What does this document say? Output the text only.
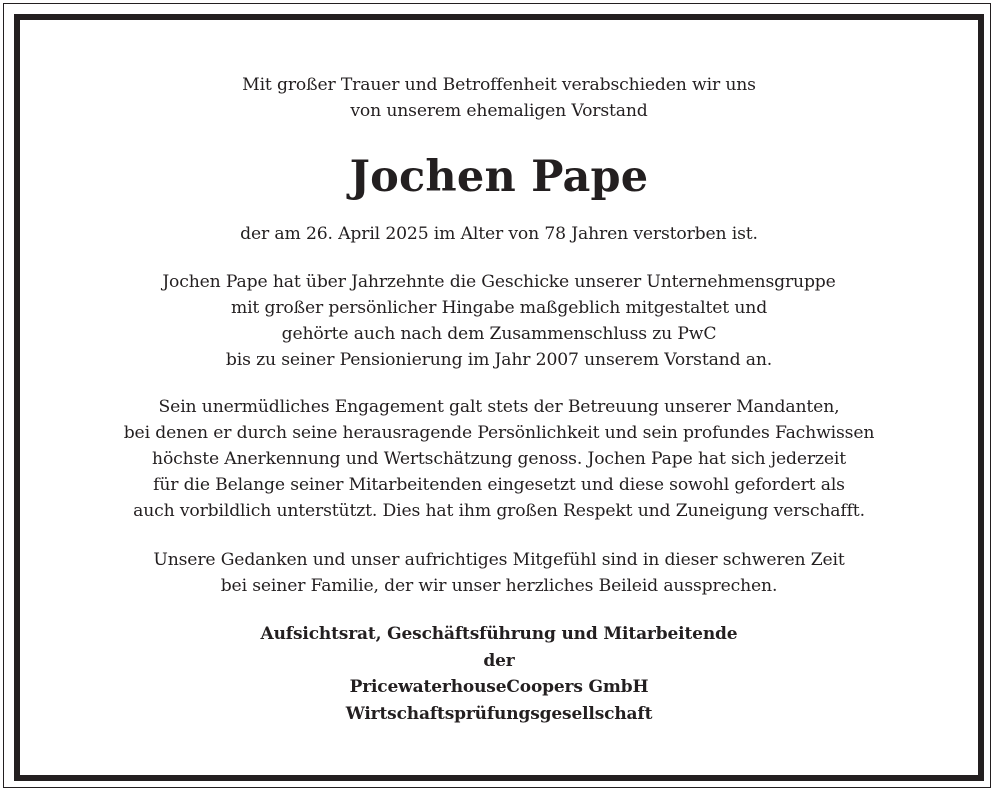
Mit großer Trauer und Betroffenheit verabschieden wir uns
von unserem ehemaligen Vorstand
Jochen Pape
der am 26. April 2025 im Alter von 78 Jahren verstorben ist.
Jochen Pape hat über Jahrzehnte die Geschicke unserer Unternehmensgruppe
mit großer persönlicher Hingabe maßgeblich mitgestaltet und
gehörte auch nach dem Zusammenschluss zu PwC
bis zu seiner Pensionierung im Jahr 2007 unserem Vorstand an.
Sein unermüdliches Engagement galt stets der Betreuung unserer Mandanten,
bei denen er durch seine herausragende Persönlichkeit und sein profundes Fachwissen
höchste Anerkennung und Wertschätzung genoss. Jochen Pape hat sich jederzeit
für die Belange seiner Mitarbeitenden eingesetzt und diese sowohl gefordert als
auch vorbildlich unterstützt. Dies hat ihm großen Respekt und Zuneigung verschafft.
Unsere Gedanken und unser aufrichtiges Mitgefühl sind in dieser schweren Zeit
bei seiner Familie, der wir unser herzliches Beileid aussprechen.
Aufsichtsrat, Geschäftsführung und Mitarbeitende
der
PricewaterhouseCoopers GmbH
Wirtschaftsprüfungsgesellschaft
